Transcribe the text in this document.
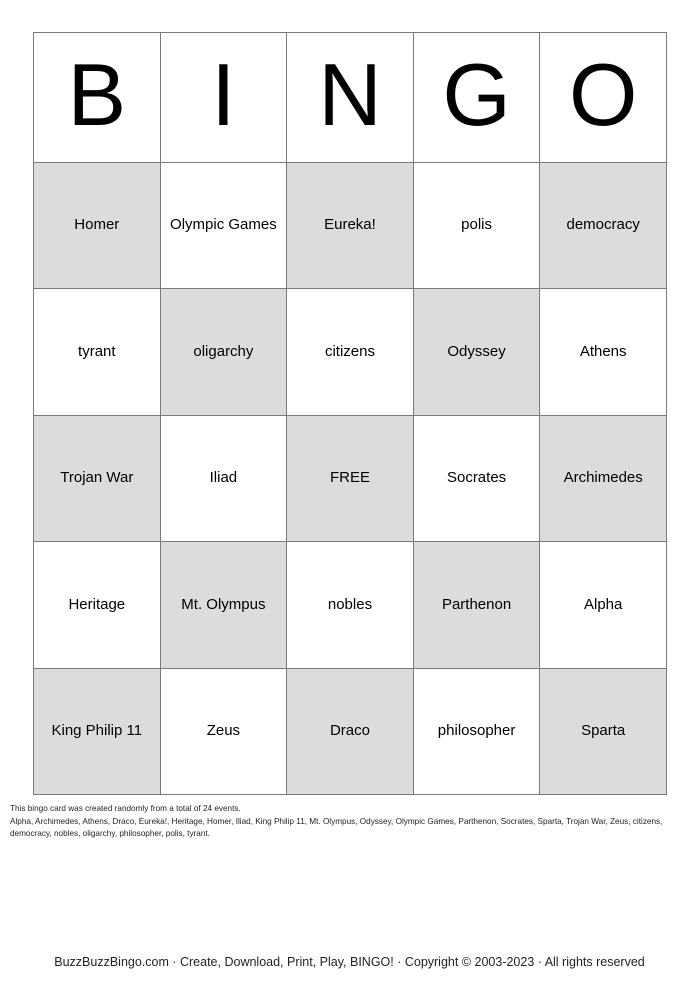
B I N G O
Homer	Olympic Games	Eureka!	polis	democracy
tyrant	oligarchy	citizens	Odyssey	Athens
Trojan War	Iliad	FREE	Socrates	Archimedes
Heritage	Mt. Olympus	nobles	Parthenon	Alpha
King Philip 11	Zeus	Draco	philosopher	Sparta
This bingo card was created randomly from a total of 24 events.
Alpha, Archimedes, Athens, Draco, Eureka!, Heritage, Homer, Iliad, King Philip 11, Mt. Olympus, Odyssey, Olympic Games, Parthenon, Socrates, Sparta, Trojan War, Zeus, citizens, democracy, nobles, oligarchy, philosopher, polis, tyrant.
BuzzBuzzBingo.com · Create, Download, Print, Play, BINGO! · Copyright © 2003-2023 · All rights reserved
